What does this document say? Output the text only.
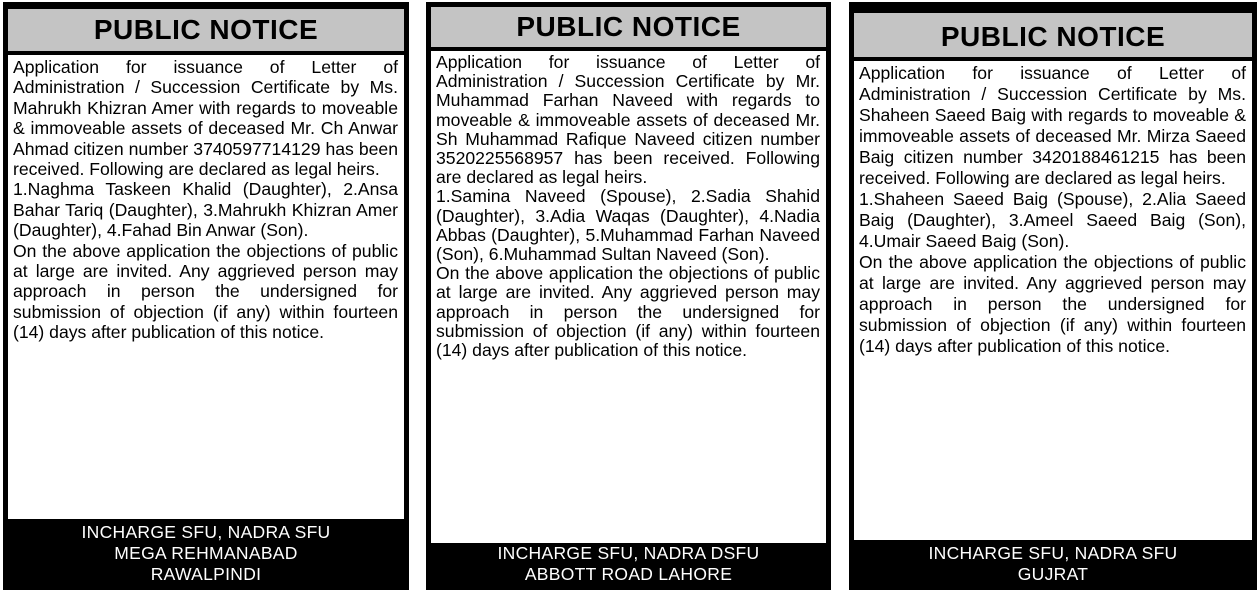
PUBLIC NOTICE

Application for issuance of Letter of Administration / Succession Certificate by Ms. Mahrukh Khizran Amer with regards to moveable & immoveable assets of deceased Mr. Ch Anwar Ahmad citizen number 3740597714129 has been received. Following are declared as legal heirs.

1.Naghma Taskeen Khalid (Daughter), 2.Ansa Bahar Tariq (Daughter), 3.Mahrukh Khizran Amer (Daughter), 4.Fahad Bin Anwar (Son).

On the above application the objections of public at large are invited. Any aggrieved person may approach in person the undersigned for submission of objection (if any) within fourteen (14) days after publication of this notice.

INCHARGE SFU, NADRA SFU
MEGA REHMANABAD
RAWALPINDI
PUBLIC NOTICE

Application for issuance of Letter of Administration / Succession Certificate by Mr. Muhammad Farhan Naveed with regards to moveable & immoveable assets of deceased Mr. Sh Muhammad Rafique Naveed citizen number 3520225568957 has been received. Following are declared as legal heirs.

1.Samina Naveed (Spouse), 2.Sadia Shahid (Daughter), 3.Adia Waqas (Daughter), 4.Nadia Abbas (Daughter), 5.Muhammad Farhan Naveed (Son), 6.Muhammad Sultan Naveed (Son).

On the above application the objections of public at large are invited. Any aggrieved person may approach in person the undersigned for submission of objection (if any) within fourteen (14) days after publication of this notice.

INCHARGE SFU, NADRA DSFU
ABBOTT ROAD LAHORE
PUBLIC NOTICE

Application for issuance of Letter of Administration / Succession Certificate by Ms. Shaheen Saeed Baig with regards to moveable & immoveable assets of deceased Mr. Mirza Saeed Baig citizen number 3420188461215 has been received. Following are declared as legal heirs.

1.Shaheen Saeed Baig (Spouse), 2.Alia Saeed Baig (Daughter), 3.Ameel Saeed Baig (Son), 4.Umair Saeed Baig (Son).

On the above application the objections of public at large are invited. Any aggrieved person may approach in person the undersigned for submission of objection (if any) within fourteen (14) days after publication of this notice.

INCHARGE SFU, NADRA SFU
GUJRAT
